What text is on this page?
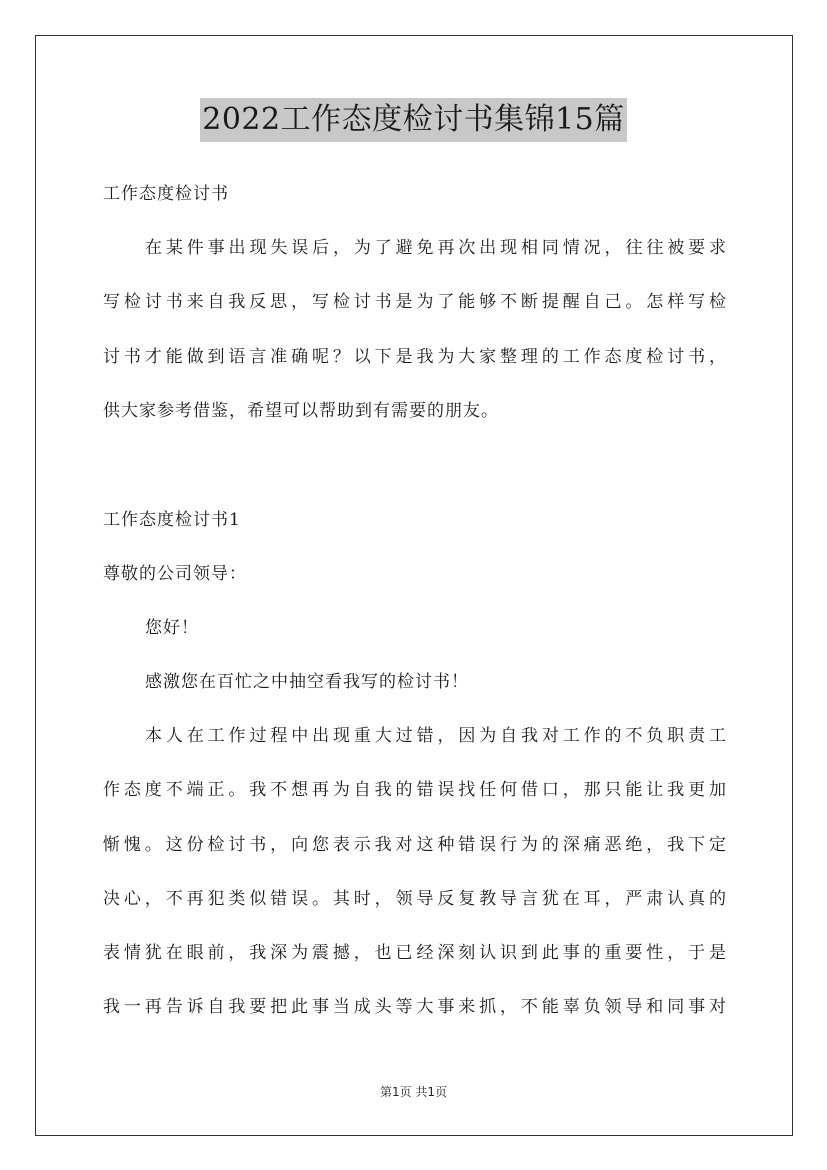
2022工作态度检讨书集锦15篇
工作态度检讨书
在某件事出现失误后，为了避免再次出现相同情况，往往被要求
写检讨书来自我反思，写检讨书是为了能够不断提醒自己。怎样写检
讨书才能做到语言准确呢？以下是我为大家整理的工作态度检讨书，
供大家参考借鉴，希望可以帮助到有需要的朋友。
工作态度检讨书1
尊敬的公司领导：
您好！
感激您在百忙之中抽空看我写的检讨书！
本人在工作过程中出现重大过错，因为自我对工作的不负职责工
作态度不端正。我不想再为自我的错误找任何借口，那只能让我更加
惭愧。这份检讨书，向您表示我对这种错误行为的深痛恶绝，我下定
决心，不再犯类似错误。其时，领导反复教导言犹在耳，严肃认真的
表情犹在眼前，我深为震撼，也已经深刻认识到此事的重要性，于是
我一再告诉自我要把此事当成头等大事来抓，不能辜负领导和同事对
第1页 共1页
